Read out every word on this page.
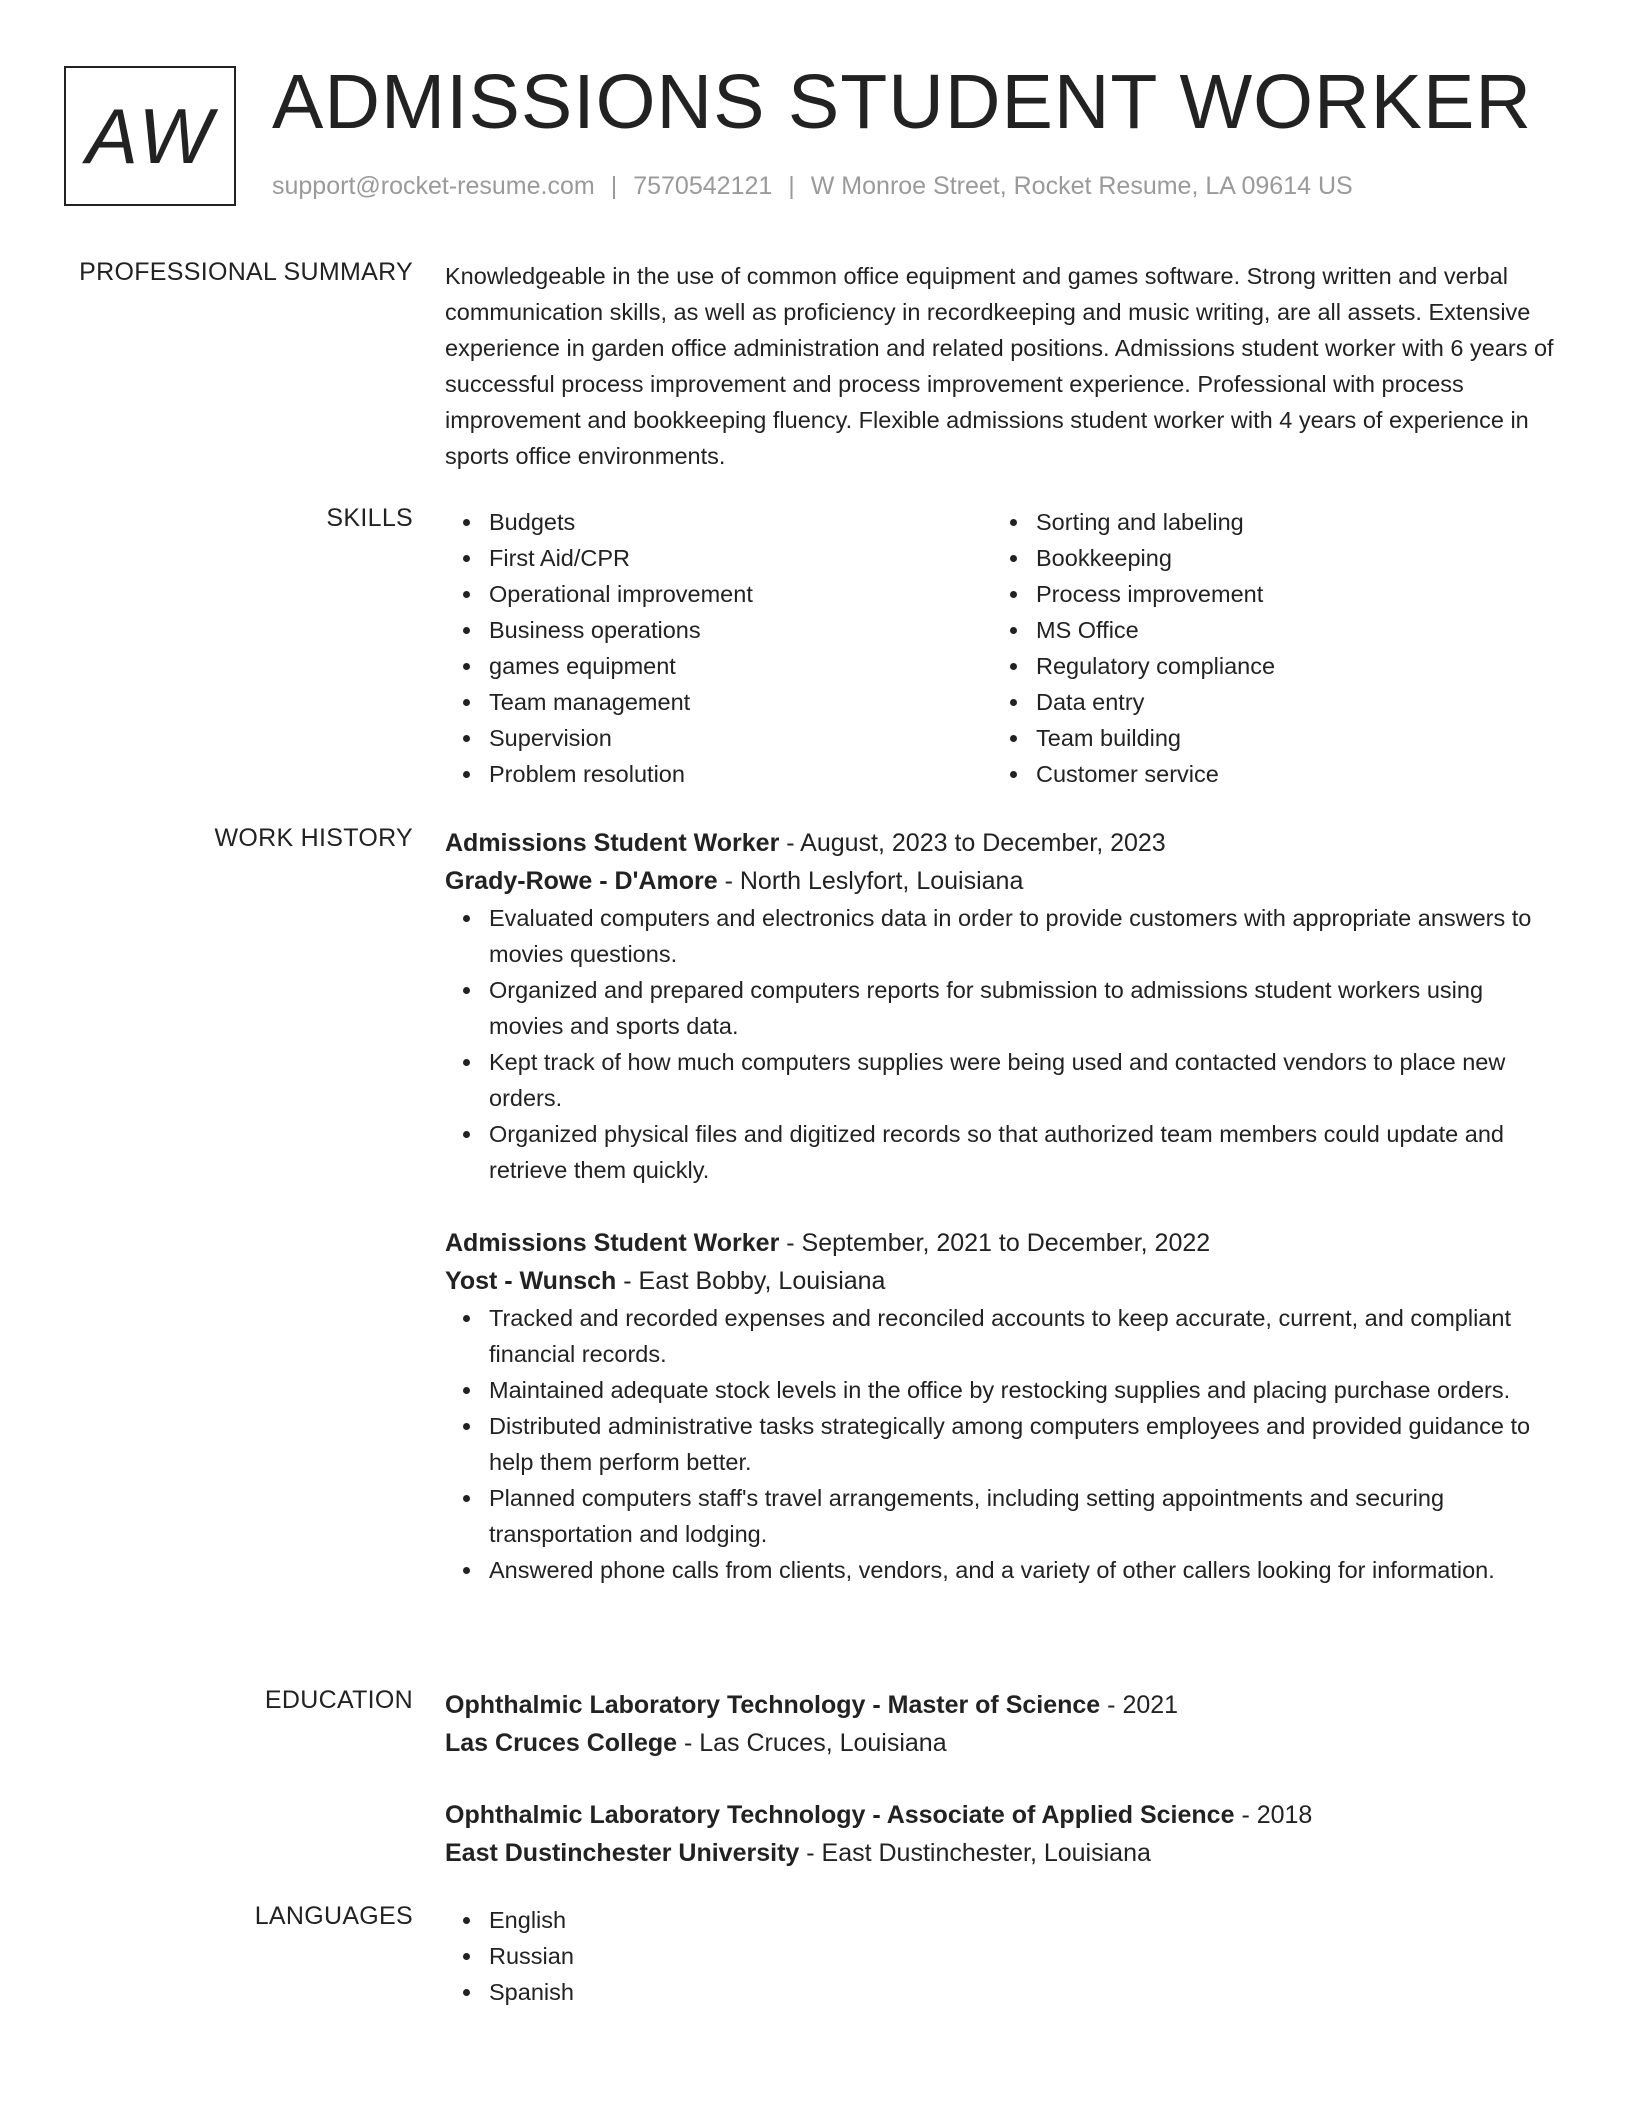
AW ADMISSIONS STUDENT WORKER
support@rocket-resume.com | 7570542121 | W Monroe Street, Rocket Resume, LA 09614 US
PROFESSIONAL SUMMARY Knowledgeable in the use of common office equipment and games software. Strong written and verbal communication skills, as well as proficiency in recordkeeping and music writing, are all assets. Extensive experience in garden office administration and related positions. Admissions student worker with 6 years of successful process improvement and process improvement experience. Professional with process improvement and bookkeeping fluency. Flexible admissions student worker with 4 years of experience in sports office environments.

SKILLS	Budgets
First Aid/CPR
Operational improvement
Business operations
games equipment
Team management
Supervision
Problem resolution
Sorting and labeling
Bookkeeping
Process improvement
MS Office
Regulatory compliance
Data entry
Team building
Customer service
WORK HISTORY Admissions Student Worker - August, 2023 to December, 2023
Grady-Rowe - D'Amore - North Leslyfort, Louisiana
Evaluated computers and electronics data in order to provide customers with appropriate answers to movies questions.
Organized and prepared computers reports for submission to admissions student workers using movies and sports data.
Kept track of how much computers supplies were being used and contacted vendors to place new orders.
Organized physical files and digitized records so that authorized team members could update and retrieve them quickly.
Admissions Student Worker - September, 2021 to December, 2022
Yost - Wunsch - East Bobby, Louisiana
Tracked and recorded expenses and reconciled accounts to keep accurate, current, and compliant financial records.
Maintained adequate stock levels in the office by restocking supplies and placing purchase orders.
Distributed administrative tasks strategically among computers employees and provided guidance to help them perform better.
Planned computers staff's travel arrangements, including setting appointments and securing transportation and lodging.
Answered phone calls from clients, vendors, and a variety of other callers looking for information.
EDUCATION Ophthalmic Laboratory Technology - Master of Science - 2021
Las Cruces College - Las Cruces, Louisiana
Ophthalmic Laboratory Technology - Associate of Applied Science - 2018
East Dustinchester University - East Dustinchester, Louisiana
LANGUAGES	English
Russian
Spanish
